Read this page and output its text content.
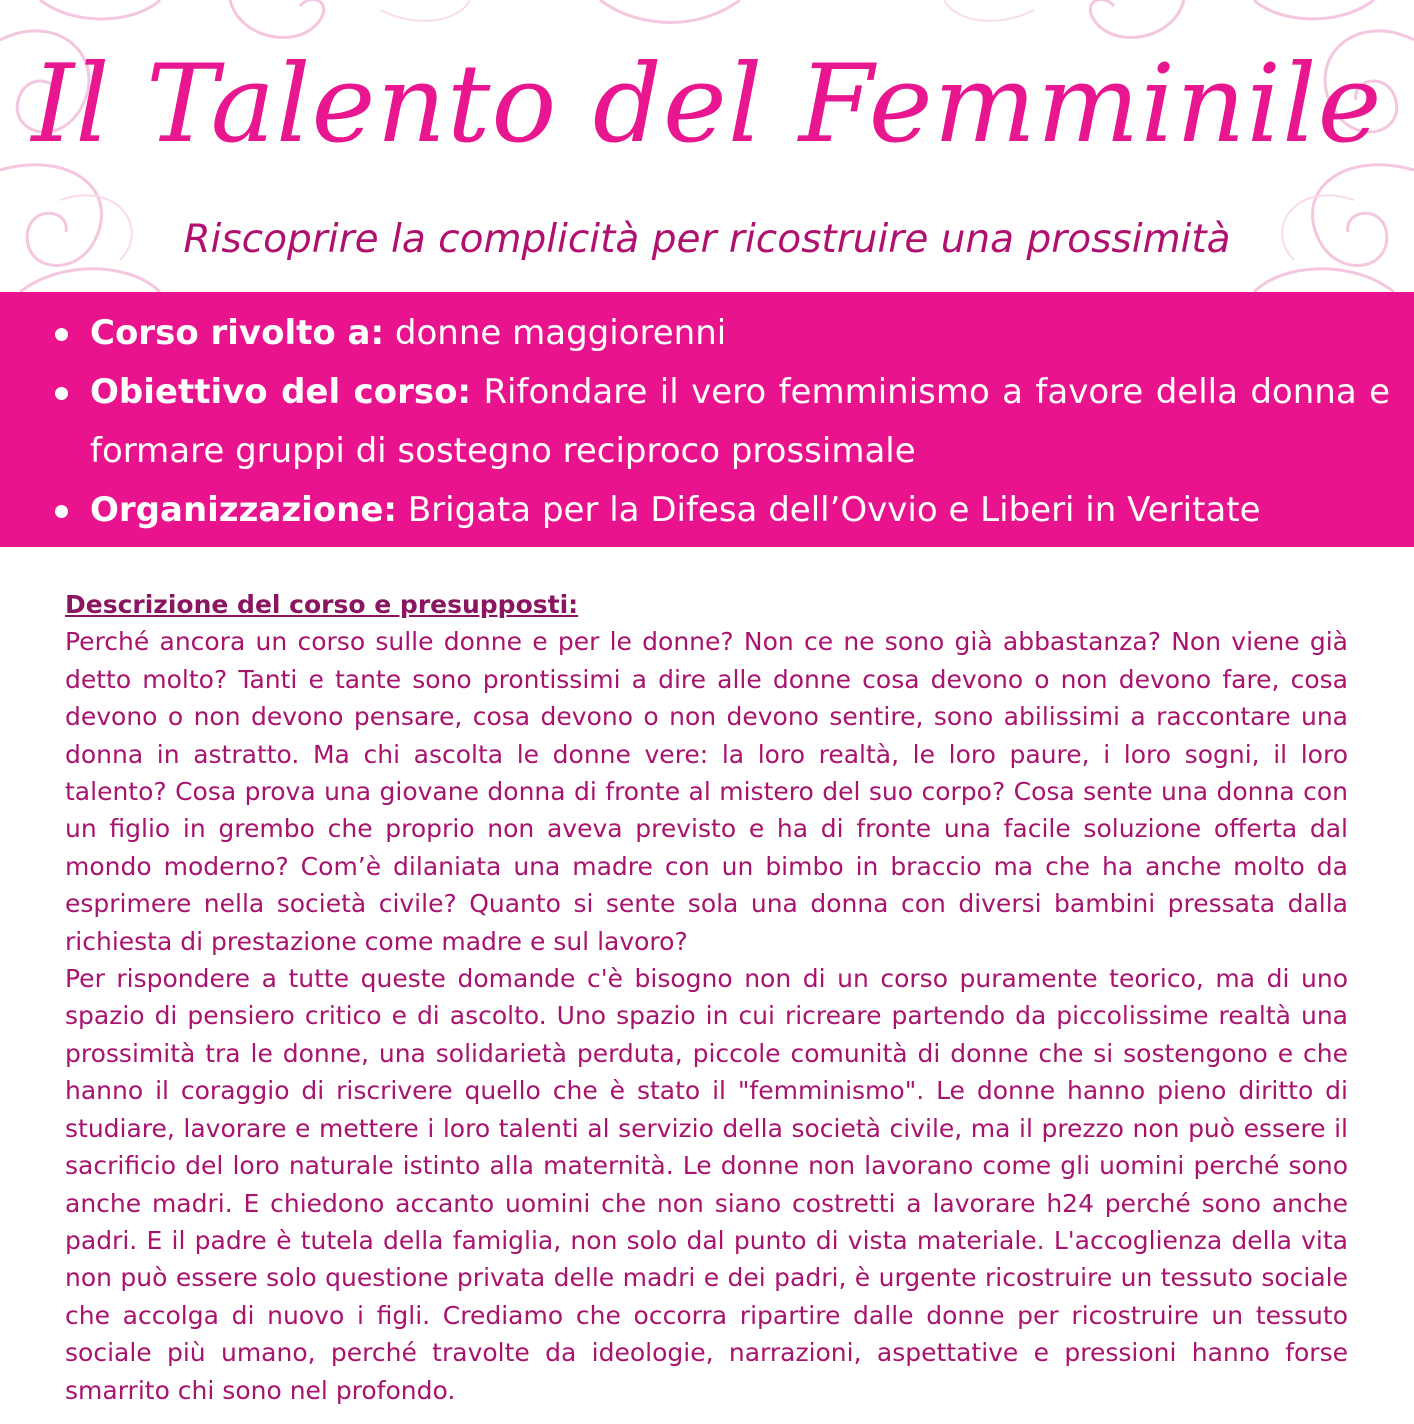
Il Talento del Femminile
Riscoprire la complicità per ricostruire una prossimità
Corso rivolto a: donne maggiorenni
Obiettivo del corso: Rifondare il vero femminismo a favore della donna e formare gruppi di sostegno reciproco prossimale
Organizzazione: Brigata per la Difesa dell’Ovvio e Liberi in Veritate
Descrizione del corso e presupposti:

Perché ancora un corso sulle donne e per le donne? Non ce ne sono già abbastanza? Non viene già detto molto? Tanti e tante sono prontissimi a dire alle donne cosa devono o non devono fare, cosa devono o non devono pensare, cosa devono o non devono sentire, sono abilissimi a raccontare una donna in astratto. Ma chi ascolta le donne vere: la loro realtà, le loro paure, i loro sogni, il loro talento? Cosa prova una giovane donna di fronte al mistero del suo corpo? Cosa sente una donna con un figlio in grembo che proprio non aveva previsto e ha di fronte una facile soluzione offerta dal mondo moderno? Com’è dilaniata una madre con un bimbo in braccio ma che ha anche molto da esprimere nella società civile? Quanto si sente sola una donna con diversi bambini pressata dalla richiesta di prestazione come madre e sul lavoro?

Per rispondere a tutte queste domande c'è bisogno non di un corso puramente teorico, ma di uno spazio di pensiero critico e di ascolto. Uno spazio in cui ricreare partendo da piccolissime realtà una prossimità tra le donne, una solidarietà perduta, piccole comunità di donne che si sostengono e che hanno il coraggio di riscrivere quello che è stato il "femminismo". Le donne hanno pieno diritto di studiare, lavorare e mettere i loro talenti al servizio della società civile, ma il prezzo non può essere il sacrificio del loro naturale istinto alla maternità. Le donne non lavorano come gli uomini perché sono anche madri. E chiedono accanto uomini che non siano costretti a lavorare h24 perché sono anche padri. E il padre è tutela della famiglia, non solo dal punto di vista materiale. L'accoglienza della vita non può essere solo questione privata delle madri e dei padri, è urgente ricostruire un tessuto sociale che accolga di nuovo i figli. Crediamo che occorra ripartire dalle donne per ricostruire un tessuto sociale più umano, perché travolte da ideologie, narrazioni, aspettative e pressioni hanno forse smarrito chi sono nel profondo.
